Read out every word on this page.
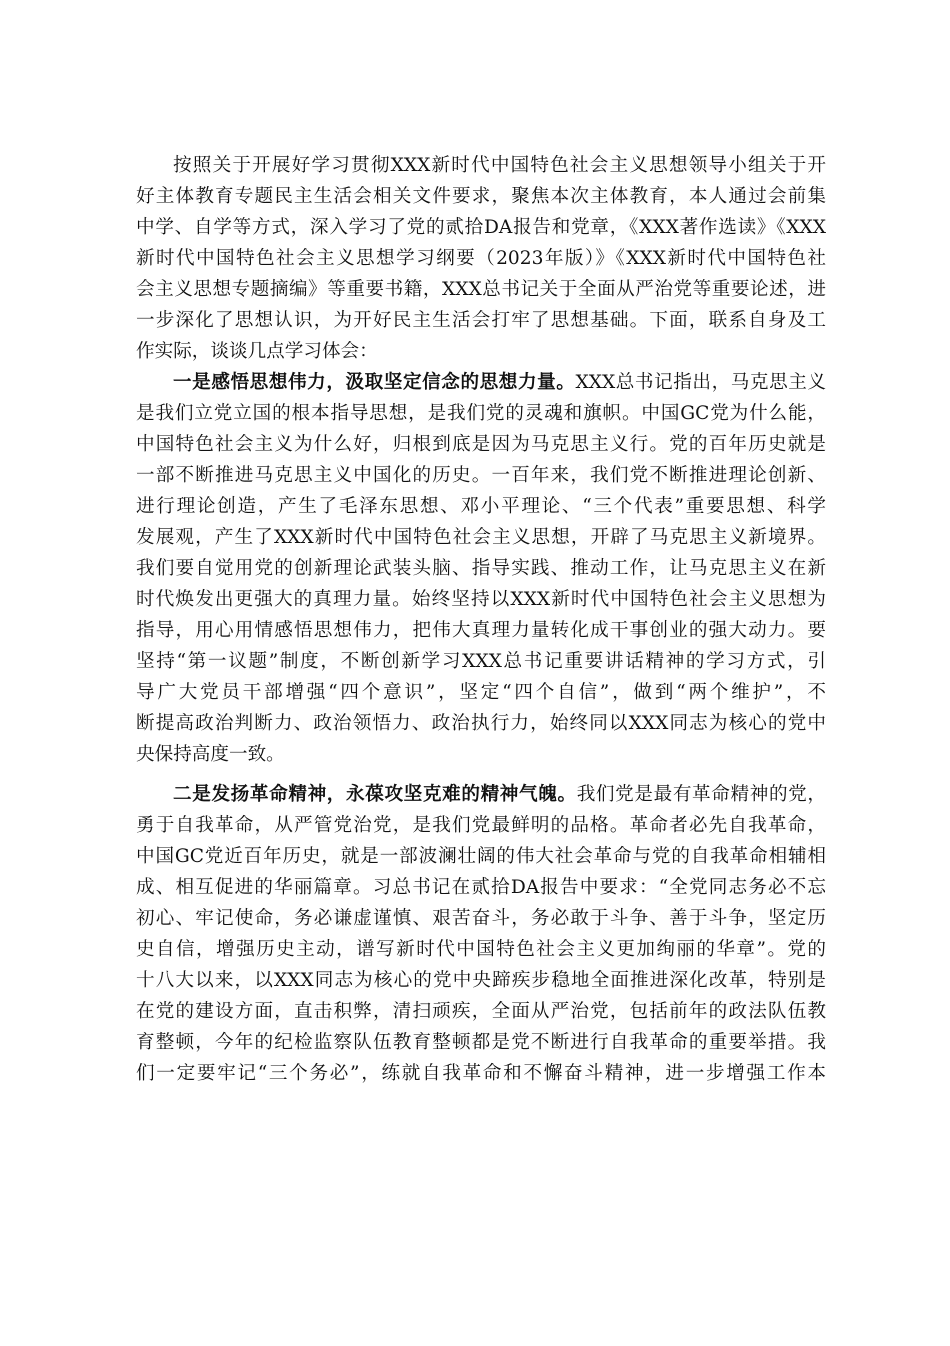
按照关于开展好学习贯彻XXX新时代中国特色社会主义思想领导小组关于开
好主体教育专题民主生活会相关文件要求，聚焦本次主体教育，本人通过会前集
中学、自学等方式，深入学习了党的贰拾DA报告和党章，《XXX著作选读》《XXX
新时代中国特色社会主义思想学习纲要（2023年版）》《XXX新时代中国特色社
会主义思想专题摘编》等重要书籍，XXX总书记关于全面从严治党等重要论述，进
一步深化了思想认识，为开好民主生活会打牢了思想基础。下面，联系自身及工
作实际，谈谈几点学习体会：
一是感悟思想伟力，汲取坚定信念的思想力量。XXX总书记指出，马克思主义
是我们立党立国的根本指导思想，是我们党的灵魂和旗帜。中国GC党为什么能，
中国特色社会主义为什么好，归根到底是因为马克思主义行。党的百年历史就是
一部不断推进马克思主义中国化的历史。一百年来，我们党不断推进理论创新、
进行理论创造，产生了毛泽东思想、邓小平理论、“三个代表”重要思想、科学
发展观，产生了XXX新时代中国特色社会主义思想，开辟了马克思主义新境界。
我们要自觉用党的创新理论武装头脑、指导实践、推动工作，让马克思主义在新
时代焕发出更强大的真理力量。始终坚持以XXX新时代中国特色社会主义思想为
指导，用心用情感悟思想伟力，把伟大真理力量转化成干事创业的强大动力。要
坚持“第一议题”制度，不断创新学习XXX总书记重要讲话精神的学习方式，引
导广大党员干部增强“四个意识”，坚定“四个自信”，做到“两个维护”，不
断提高政治判断力、政治领悟力、政治执行力，始终同以XXX同志为核心的党中
央保持高度一致。
二是发扬革命精神，永葆攻坚克难的精神气魄。我们党是最有革命精神的党，
勇于自我革命，从严管党治党，是我们党最鲜明的品格。革命者必先自我革命，
中国GC党近百年历史，就是一部波澜壮阔的伟大社会革命与党的自我革命相辅相
成、相互促进的华丽篇章。习总书记在贰拾DA报告中要求：“全党同志务必不忘
初心、牢记使命，务必谦虚谨慎、艰苦奋斗，务必敢于斗争、善于斗争，坚定历
史自信，增强历史主动，谱写新时代中国特色社会主义更加绚丽的华章”。党的
十八大以来，以XXX同志为核心的党中央蹄疾步稳地全面推进深化改革，特别是
在党的建设方面，直击积弊，清扫顽疾，全面从严治党，包括前年的政法队伍教
育整顿，今年的纪检监察队伍教育整顿都是党不断进行自我革命的重要举措。我
们一定要牢记“三个务必”，练就自我革命和不懈奋斗精神，进一步增强工作本
